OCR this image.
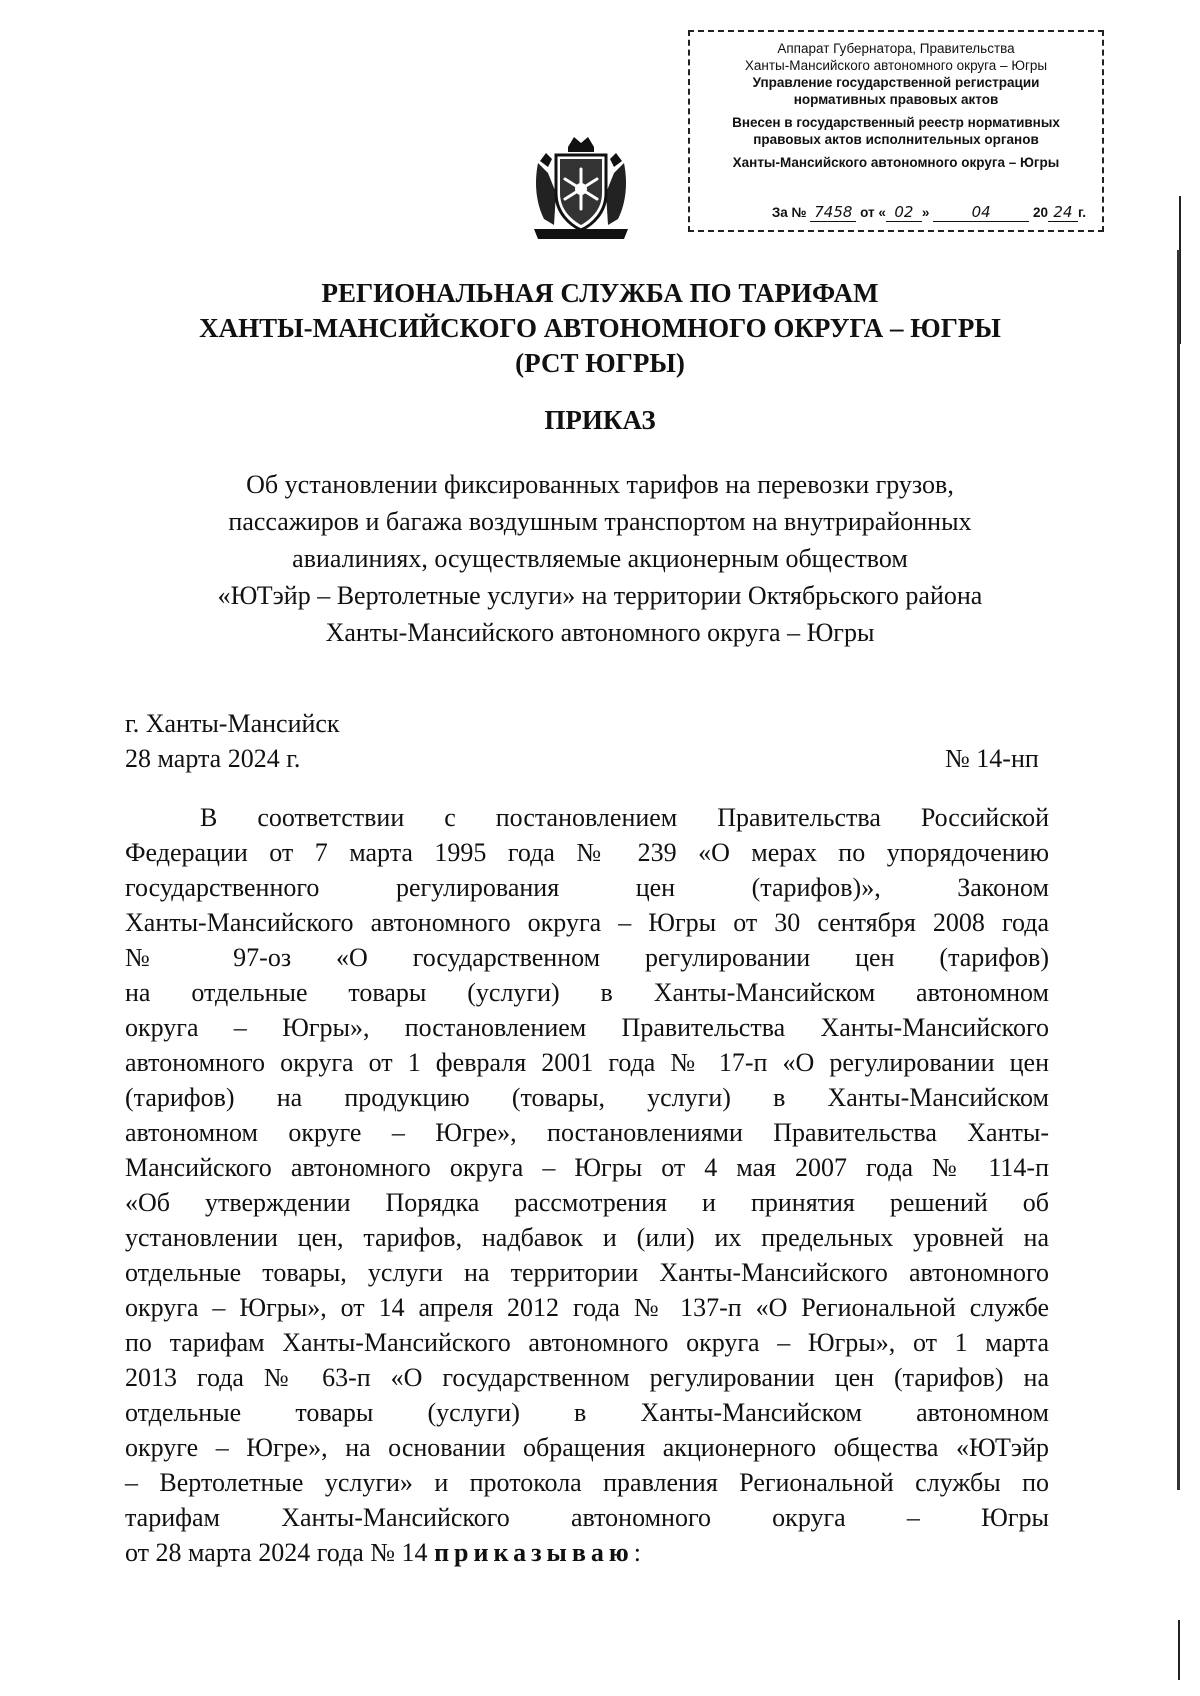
Аппарат Губернатора, Правительства
Ханты-Мансийского автономного округа – Югры
Управление государственной регистрации
нормативных правовых актов
Внесен в государственный реестр нормативных
правовых актов исполнительных органов
Ханты-Мансийского автономного округа – Югры
За № 7458 от « 02 »	04	20 24 г.
РЕГИОНАЛЬНАЯ СЛУЖБА ПО ТАРИФАМ
ХАНТЫ-МАНСИЙСКОГО АВТОНОМНОГО ОКРУГА – ЮГРЫ
(РСТ ЮГРЫ)
ПРИКАЗ
Об установлении фиксированных тарифов на перевозки грузов,
пассажиров и багажа воздушным транспортом на внутрирайонных
авиалиниях, осуществляемые акционерным обществом
«ЮТэйр – Вертолетные услуги» на территории Октябрьского района
Ханты-Мансийского автономного округа – Югры
г. Ханты-Мансийск
28 марта 2024 г.	№ 14-нп
В соответствии с постановлением Правительства Российской
Федерации от 7 марта 1995 года № 239 «О мерах по упорядочению
государственного регулирования цен (тарифов)», Законом
Ханты-Мансийского автономного округа – Югры от 30 сентября 2008 года
№ 97-оз «О государственном регулировании цен (тарифов)
на отдельные товары (услуги) в Ханты-Мансийском автономном
округа – Югры», постановлением Правительства Ханты-Мансийского
автономного округа от 1 февраля 2001 года № 17-п «О регулировании цен
(тарифов) на продукцию (товары, услуги) в Ханты-Мансийском
автономном округе – Югре», постановлениями Правительства Ханты-
Мансийского автономного округа – Югры от 4 мая 2007 года № 114-п
«Об утверждении Порядка рассмотрения и принятия решений об
установлении цен, тарифов, надбавок и (или) их предельных уровней на
отдельные товары, услуги на территории Ханты-Мансийского автономного
округа – Югры», от 14 апреля 2012 года № 137-п «О Региональной службе
по тарифам Ханты-Мансийского автономного округа – Югры», от 1 марта
2013 года № 63-п «О государственном регулировании цен (тарифов) на
отдельные товары (услуги) в Ханты-Мансийском автономном
округе – Югре», на основании обращения акционерного общества «ЮТэйр
– Вертолетные услуги» и протокола правления Региональной службы по
тарифам Ханты-Мансийского автономного округа – Югры
от 28 марта 2024 года № 14 приказываю:
